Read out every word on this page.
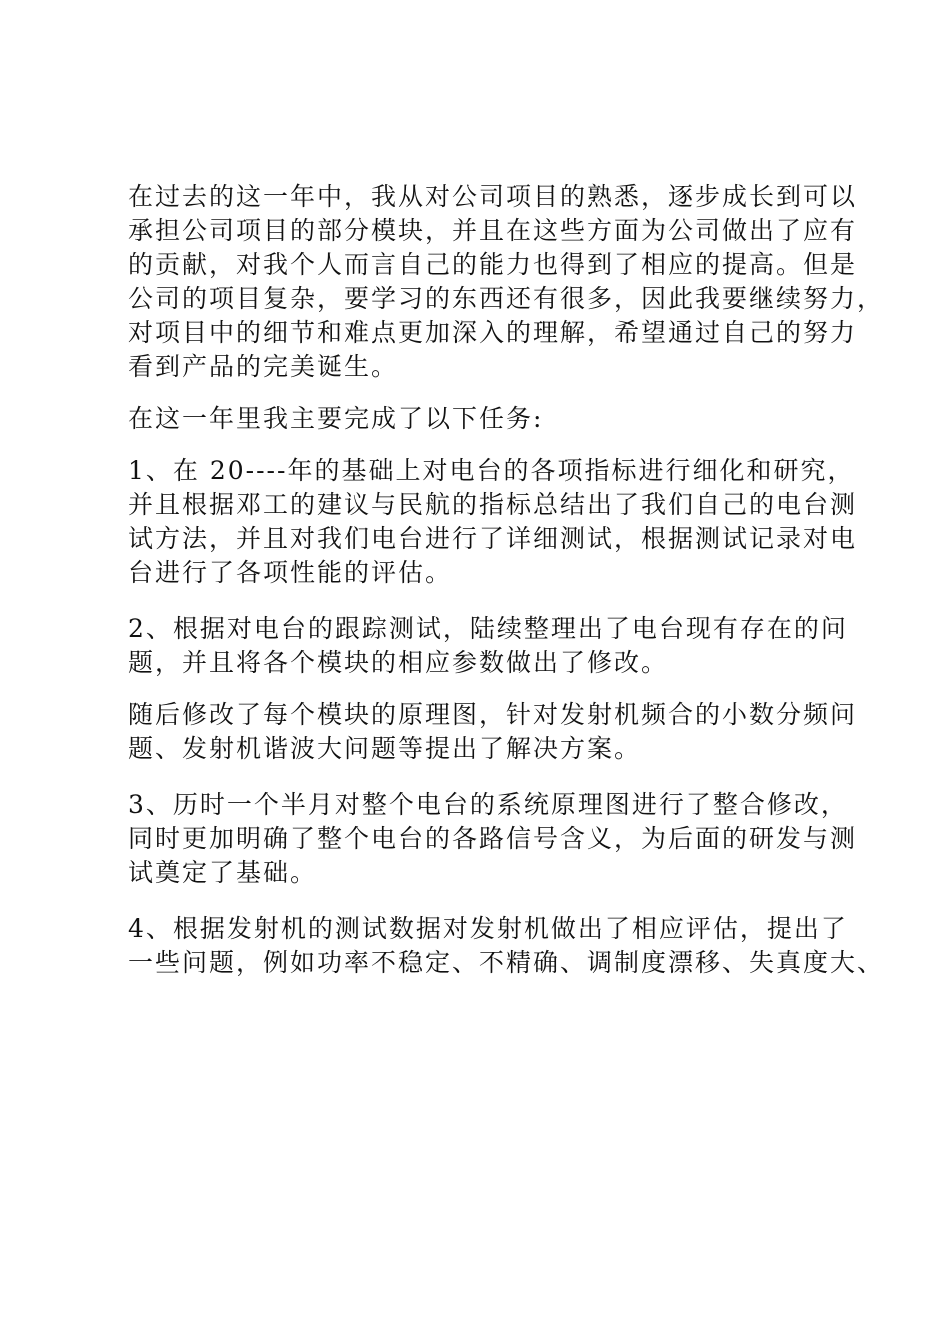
在过去的这一年中，我从对公司项目的熟悉，逐步成长到可以
承担公司项目的部分模块，并且在这些方面为公司做出了应有
的贡献，对我个人而言自己的能力也得到了相应的提高。但是
公司的项目复杂，要学习的东西还有很多，因此我要继续努力，
对项目中的细节和难点更加深入的理解，希望通过自己的努力
看到产品的完美诞生。
在这一年里我主要完成了以下任务:
1、在 20----年的基础上对电台的各项指标进行细化和研究，
并且根据邓工的建议与民航的指标总结出了我们自己的电台测
试方法，并且对我们电台进行了详细测试，根据测试记录对电
台进行了各项性能的评估。
2、根据对电台的跟踪测试，陆续整理出了电台现有存在的问
题，并且将各个模块的相应参数做出了修改。
随后修改了每个模块的原理图，针对发射机频合的小数分频问
题、发射机谐波大问题等提出了解决方案。
3、历时一个半月对整个电台的系统原理图进行了整合修改，
同时更加明确了整个电台的各路信号含义，为后面的研发与测
试奠定了基础。
4、根据发射机的测试数据对发射机做出了相应评估，提出了
一些问题，例如功率不稳定、不精确、调制度漂移、失真度大、
